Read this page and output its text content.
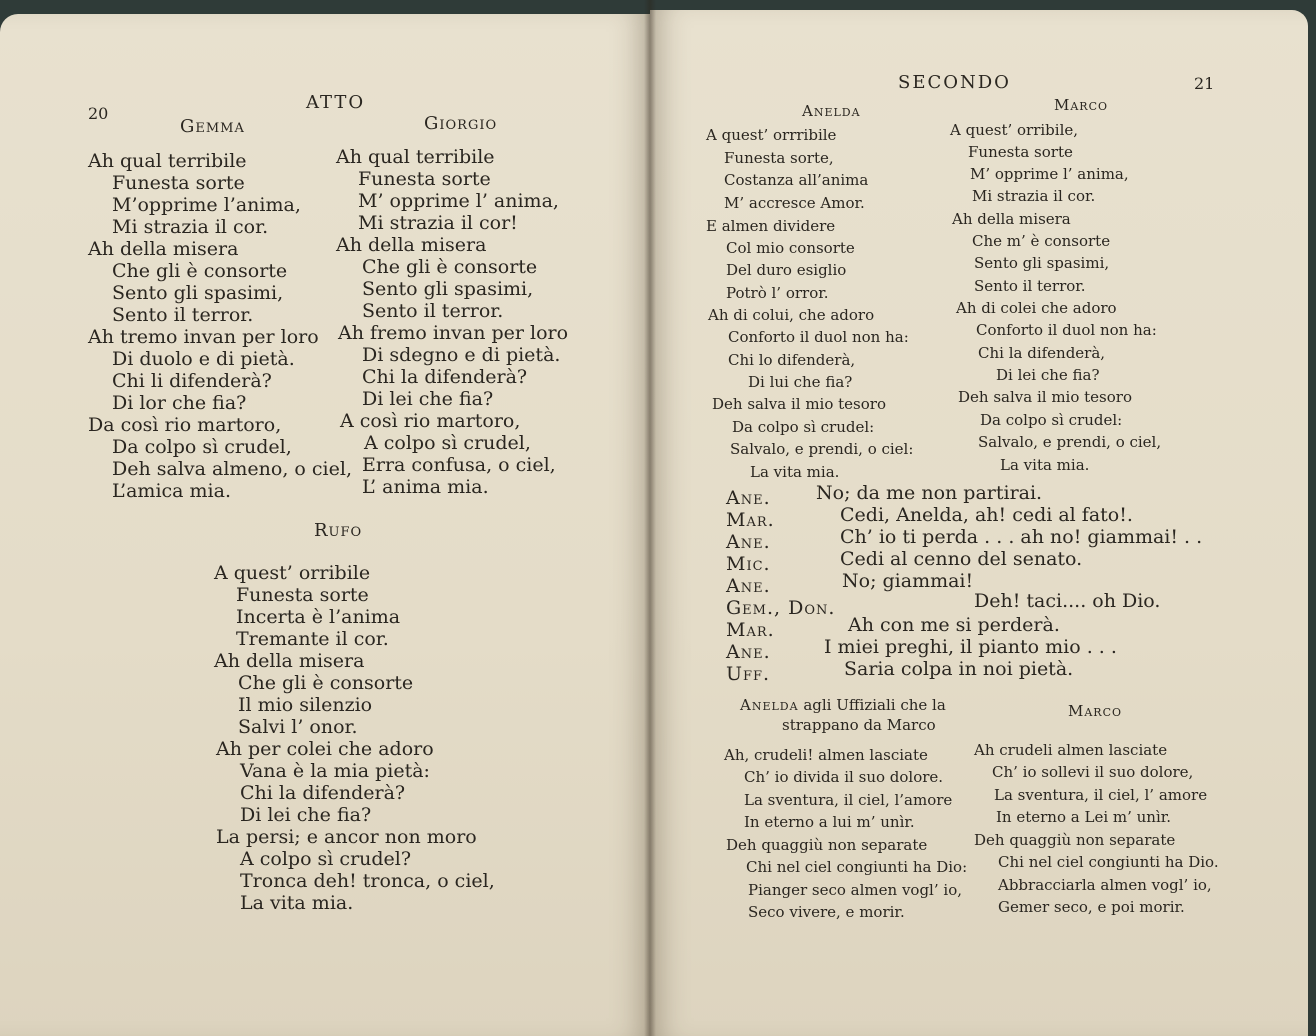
20
ATTO
Gemma	Giorgio
Ah qual terribile
Funesta sorte
M’opprime l’anima,
Mi strazia il cor.
Ah della misera
Che gli è consorte
Sento gli spasimi,
Sento il terror.
Ah tremo invan per loro
Di duolo e di pietà.
Chi li difenderà?
Di lor che fia?
Da così rio martoro,
Da colpo sì crudel,
Deh salva almeno, o ciel,
L’amica mia.
Ah qual terribile
Funesta sorte
M’ opprime l’ anima,
Mi strazia il cor!
Ah della misera
Che gli è consorte
Sento gli spasimi,
Sento il terror.
Ah fremo invan per loro
Di sdegno e di pietà.
Chi la difenderà?
Di lei che fia?
A così rio martoro,
A colpo sì crudel,
Erra confusa, o ciel,
L’ anima mia.
Rufo
A quest’ orribile
Funesta sorte
Incerta è l’anima
Tremante il cor.
Ah della misera
Che gli è consorte
Il mio silenzio
Salvi l’ onor.
Ah per colei che adoro
Vana è la mia pietà:
Chi la difenderà?
Di lei che fia?
La persi; e ancor non moro
A colpo sì crudel?
Tronca deh! tronca, o ciel,
La vita mia.
SECONDO	21
Anelda	Marco
A quest’ orrribile
Funesta sorte,
Costanza all’anima
M’ accresce Amor.
E almen dividere
Col mio consorte
Del duro esiglio
Potrò l’ orror.
Ah di colui, che adoro
Conforto il duol non ha:
Chi lo difenderà,
Di lui che fia?
Deh salva il mio tesoro
Da colpo sì crudel:
Salvalo, e prendi, o ciel:
La vita mia.
A quest’ orribile,
Funesta sorte
M’ opprime l’ anima,
Mi strazia il cor.
Ah della misera
Che m’ è consorte
Sento gli spasimi,
Sento il terror.
Ah di colei che adoro
Conforto il duol non ha:
Chi la difenderà,
Di lei che fia?
Deh salva il mio tesoro
Da colpo sì crudel:
Salvalo, e prendi, o ciel,
La vita mia.
Ane. No; da me non partirai.
Mar.	Cedi, Anelda, ah! cedi al fato!.
Ane.	Ch’ io ti perda . . . ah no! giammai! . .
Mic.	Cedi al cenno del senato.
Ane.	No; giammai!
Gem., Don.	Deh! taci.... oh Dio.
Mar.	Ah con me si perderà.
Ane.	I miei preghi, il pianto mio . . .
Uff.	Saria colpa in noi pietà.
Anelda agli Uffiziali che la
strappano da Marco
Marco
Ah, crudeli! almen lasciate
Ch’ io divida il suo dolore.
La sventura, il ciel, l’amore
In eterno a lui m’ unìr.
Deh quaggiù non separate
Chi nel ciel congiunti ha Dio:
Pianger seco almen vogl’ io,
Seco vivere, e morir.
Ah crudeli almen lasciate
Ch’ io sollevi il suo dolore,
La sventura, il ciel, l’ amore
In eterno a Lei m’ unìr.
Deh quaggiù non separate
Chi nel ciel congiunti ha Dio.
Abbracciarla almen vogl’ io,
Gemer seco, e poi morir.
